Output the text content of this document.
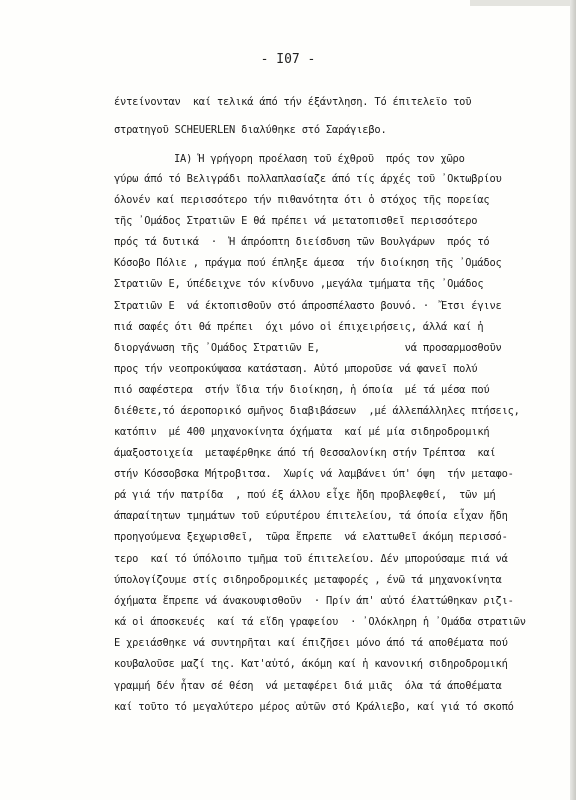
- I07 -
έντείνονταν  καί τελικά άπό τήν έξάντληση. Τό έπιτελεϊο τοῦ
στρατηγοῦ SCHEUERLEN διαλύθηκε στό Σαράγιεβο.
IA) Ἡ γρήγορη προέλαση τοῦ έχθροῦ  πρός τον χῶρο
γύρω άπό τό Βελιγράδι πολλαπλασίαζε άπό τίς άρχές τοῦ ᾿Οκτωβρίου
όλονέν καί περισσότερο τήν πιθανότητα ότι ὁ στόχος τῆς πορείας
τῆς ᾿Ομάδος Στρατιῶν Ε θά πρέπει νά μετατοπισθεῖ περισσότερο
πρός τά δυτικά  ·  Ἡ άπρόοπτη διείσδυση τῶν Βουλγάρων  πρός τό
Κόσοβο Πόλιε , πράγμα πού έπληξε άμεσα  τήν διοίκηση τῆς ᾿Ομάδος
Στρατιῶν Ε, ύπέδειχνε τόν κίνδυνο ,μεγάλα τμήματα τῆς ᾿Ομάδος
Στρατιῶν Ε  νά έκτοπισθοῦν στό άπροσπέλαστο βουνό. ·  Ἔτσι έγινε
πιά σαφές ότι θά πρέπει  όχι μόνο οἱ έπιχειρήσεις, άλλά καί ἡ
διοργάνωση τῆς ᾿Ομάδος Στρατιῶν Ε,              νά προσαρμοσθοῦν
προς τήν νεοπροκύψασα κατάσταση. Αὐτό μποροῦσε νά φανεῖ πολύ
πιό σαφέστερα  στήν ἴδια τήν διοίκηση, ἡ όποία  μέ τά μέσα πού
διέθετε,τό άεροπορικό σμῆνος διαβιβάσεων  ,μέ άλλεπάλληλες πτήσεις,
κατόπιν  μέ 400 μηχανοκίνητα όχήματα  καί μέ μία σιδηροδρομική
άμαξοστοιχεία  μεταφέρθηκε άπό τή Θεσσαλονίκη στήν Τρέπτσα  καί
στήν Κόσσοβσκα Μήτροβιτσα.  Χωρίς νά λαμβάνει ύπ' όψη  τήν μεταφο-
ρά γιά τήν πατρίδα  , πού έξ άλλου εἶχε ἤδη προβλεφθεί,  τῶν μή
άπαραίτητων τμημάτων τοῦ εύρυτέρου έπιτελείου, τά όποία εἶχαν ἤδη
προηγούμενα ξεχωρισθεῖ,  τῶρα ἔπρεπε  νά ελαττωθεῖ άκόμη περισσό-
τερο  καί τό ύπόλοιπο τμῆμα τοῦ έπιτελείου. Δέν μπορούσαμε πιά νά
ύπολογίζουμε στίς σιδηροδρομικές μεταφορές , ένῶ τά μηχανοκίνητα
όχήματα ἔπρεπε νά άνακουφισθοῦν  · Πρίν άπ' αὐτό έλαττώθηκαν ριζι-
κά οἱ άποσκευές  καί τά εἴδη γραφείου  · ᾿Ολόκληρη ἡ ᾿Ομάδα στρατιῶν
Ε χρειάσθηκε νά συντηρῆται καί έπιζῆσει μόνο άπό τά αποθέματα πού
κουβαλοῦσε μαζί της. Κατ'αὐτό, άκόμη καί ἡ κανονική σιδηροδρομική
γραμμή δέν ἦταν σέ θέση  νά μεταφέρει διά μιᾶς  όλα τά άποθέματα
καί τοῦτο τό μεγαλύτερο μέρος αὐτῶν στό Κράλιεβο, καί γιά τό σκοπό
